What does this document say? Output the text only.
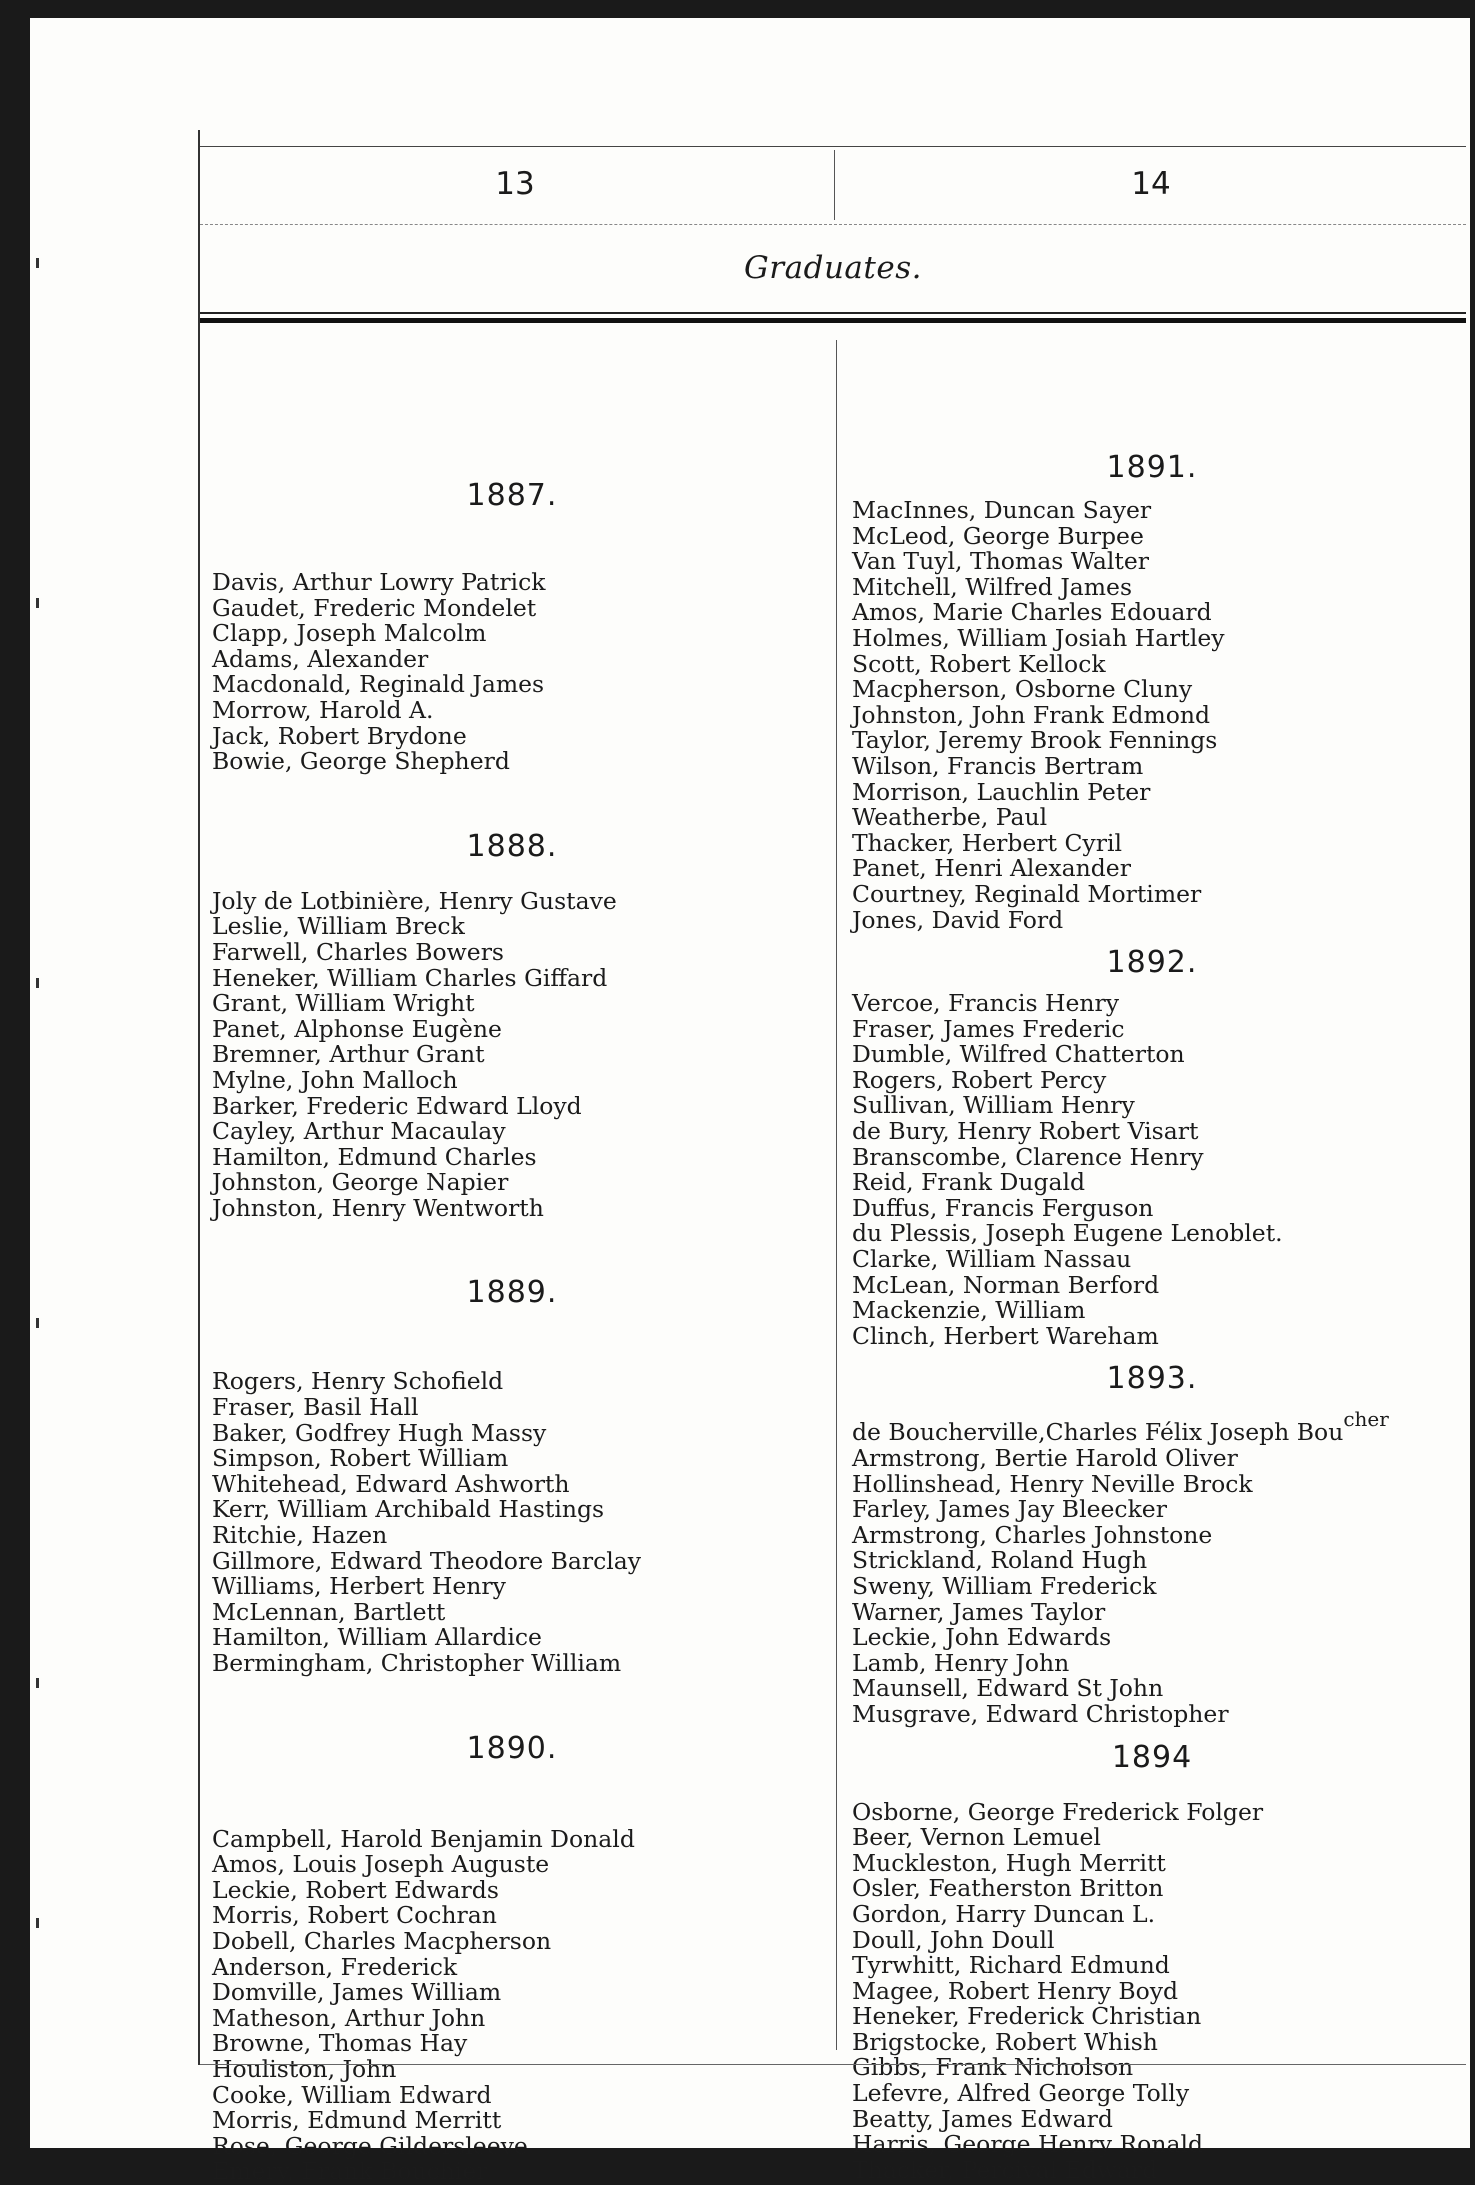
13	14
Graduates.
1887.
Davis, Arthur Lowry Patrick
Gaudet, Frederic Mondelet
Clapp, Joseph Malcolm
Adams, Alexander
Macdonald, Reginald James
Morrow, Harold A.
Jack, Robert Brydone
Bowie, George Shepherd
1888.
Joly de Lotbinière, Henry Gustave
Leslie, William Breck
Farwell, Charles Bowers
Heneker, William Charles Giffard
Grant, William Wright
Panet, Alphonse Eugène
Bremner, Arthur Grant
Mylne, John Malloch
Barker, Frederic Edward Lloyd
Cayley, Arthur Macaulay
Hamilton, Edmund Charles
Johnston, George Napier
Johnston, Henry Wentworth
1889.
Rogers, Henry Schofield
Fraser, Basil Hall
Baker, Godfrey Hugh Massy
Simpson, Robert William
Whitehead, Edward Ashworth
Kerr, William Archibald Hastings
Ritchie, Hazen
Gillmore, Edward Theodore Barclay
Williams, Herbert Henry
McLennan, Bartlett
Hamilton, William Allardice
Bermingham, Christopher William
1890.
Campbell, Harold Benjamin Donald
Amos, Louis Joseph Auguste
Leckie, Robert Edwards
Morris, Robert Cochran
Dobell, Charles Macpherson
Anderson, Frederick
Domville, James William
Matheson, Arthur John
Browne, Thomas Hay
Houliston, John
Cooke, William Edward
Morris, Edmund Merritt
Rose, George Gildersleeve
Emery, Frank Bouchier
1891.
MacInnes, Duncan Sayer
McLeod, George Burpee
Van Tuyl, Thomas Walter
Mitchell, Wilfred James
Amos, Marie Charles Edouard
Holmes, William Josiah Hartley
Scott, Robert Kellock
Macpherson, Osborne Cluny
Johnston, John Frank Edmond
Taylor, Jeremy Brook Fennings
Wilson, Francis Bertram
Morrison, Lauchlin Peter
Weatherbe, Paul
Thacker, Herbert Cyril
Panet, Henri Alexander
Courtney, Reginald Mortimer
Jones, David Ford
1892.
Vercoe, Francis Henry
Fraser, James Frederic
Dumble, Wilfred Chatterton
Rogers, Robert Percy
Sullivan, William Henry
de Bury, Henry Robert Visart
Branscombe, Clarence Henry
Reid, Frank Dugald
Duffus, Francis Ferguson
du Plessis, Joseph Eugene Lenoblet.
Clarke, William Nassau
McLean, Norman Berford
Mackenzie, William
Clinch, Herbert Wareham
1893.
de Boucherville,Charles Félix Joseph Boucher
Armstrong, Bertie Harold Oliver
Hollinshead, Henry Neville Brock
Farley, James Jay Bleecker
Armstrong, Charles Johnstone
Strickland, Roland Hugh
Sweny, William Frederick
Warner, James Taylor
Leckie, John Edwards
Lamb, Henry John
Maunsell, Edward St John
Musgrave, Edward Christopher
1894
Osborne, George Frederick Folger
Beer, Vernon Lemuel
Muckleston, Hugh Merritt
Osler, Featherston Britton
Gordon, Harry Duncan L.
Doull, John Doull
Tyrwhitt, Richard Edmund
Magee, Robert Henry Boyd
Heneker, Frederick Christian
Brigstocke, Robert Whish
Gibbs, Frank Nicholson
Lefevre, Alfred George Tolly
Beatty, James Edward
Harris, George Henry Ronald
Thacker, Percival Edward
